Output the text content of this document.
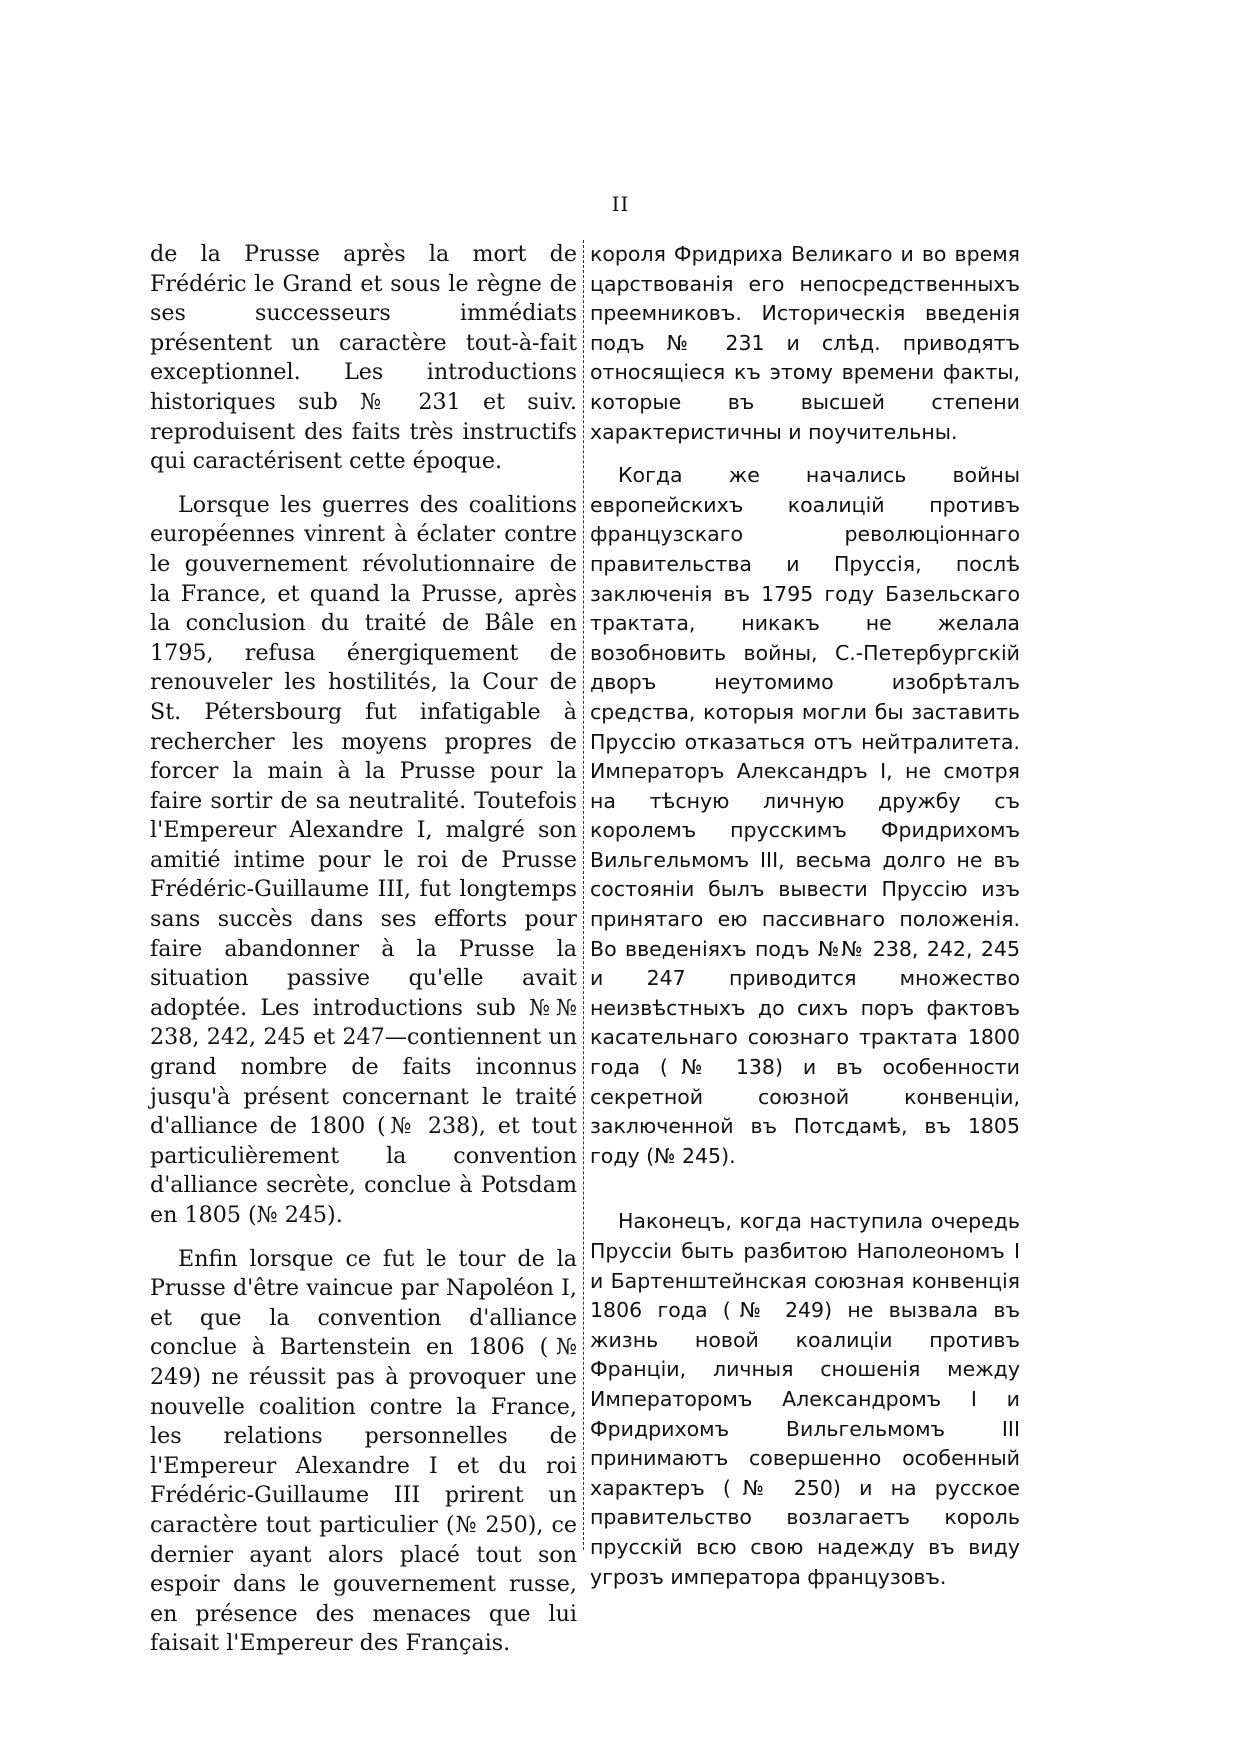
II

de la Prusse après la mort de Frédéric le Grand et sous le règne de ses successeurs immédiats présentent un caractère tout-à-fait exceptionnel. Les introductions historiques sub № 231 et suiv. reproduisent des faits très instructifs qui caractérisent cette époque.

Lorsque les guerres des coalitions européennes vinrent à éclater contre le gouvernement révolutionnaire de la France, et quand la Prusse, après la conclusion du traité de Bâle en 1795, refusa énergiquement de renouveler les hostilités, la Cour de St. Pétersbourg fut infatigable à rechercher les moyens propres de forcer la main à la Prusse pour la faire sortir de sa neutralité. Toutefois l'Empereur Alexandre I, malgré son amitié intime pour le roi de Prusse Frédéric-Guillaume III, fut longtemps sans succès dans ses efforts pour faire abandonner à la Prusse la situation passive qu'elle avait adoptée. Les introductions sub №№ 238, 242, 245 et 247—contiennent un grand nombre de faits inconnus jusqu'à présent concernant le traité d'alliance de 1800 (№ 238), et tout particulièrement la convention d'alliance secrète, conclue à Potsdam en 1805 (№ 245).

Enfin lorsque ce fut le tour de la Prusse d'être vaincue par Napoléon I, et que la convention d'alliance conclue à Bartenstein en 1806 (№ 249) ne réussit pas à provoquer une nouvelle coalition contre la France, les relations personnelles de l'Empereur Alexandre I et du roi Frédéric-Guillaume III prirent un caractère tout particulier (№ 250), ce dernier ayant alors placé tout son espoir dans le gouvernement russe, en présence des menaces que lui faisait l'Empereur des Français.

короля Фридриха Великаго и во время царствованія его непосредственныхъ преемниковъ. Историческія введенія подъ № 231 и слѣд. приводятъ относящіеся къ этому времени факты, которые въ высшей степени характеристичны и поучительны.

Когда же начались войны европейскихъ коалицій противъ французскаго революціоннаго правительства и Пруссія, послѣ заключенія въ 1795 году Базельскаго трактата, никакъ не желала возобновить войны, С.-Петербургскій дворъ неутомимо изобрѣталъ средства, которыя могли бы заставить Пруссію отказаться отъ нейтралитета. Императоръ Александръ I, не смотря на тѣсную личную дружбу съ королемъ прусскимъ Фридрихомъ Вильгельмомъ III, весьма долго не въ состояніи былъ вывести Пруссію изъ принятаго ею пассивнаго положенія. Во введеніяхъ подъ №№ 238, 242, 245 и 247 приводится множество неизвѣстныхъ до сихъ поръ фактовъ касательнаго союзнаго трактата 1800 года (№ 138) и въ особенности секретной союзной конвенціи, заключенной въ Потсдамѣ, въ 1805 году (№ 245).

Наконецъ, когда наступила очередь Пруссіи быть разбитою Наполеономъ I и Бартенштейнская союзная конвенція 1806 года (№ 249) не вызвала въ жизнь новой коалиціи противъ Франціи, личныя сношенія между Императоромъ Александромъ I и Фридрихомъ Вильгельмомъ III принимаютъ совершенно особенный характеръ (№ 250) и на русское правительство возлагаетъ король прусскій всю свою надежду въ виду угрозъ императора французовъ.
